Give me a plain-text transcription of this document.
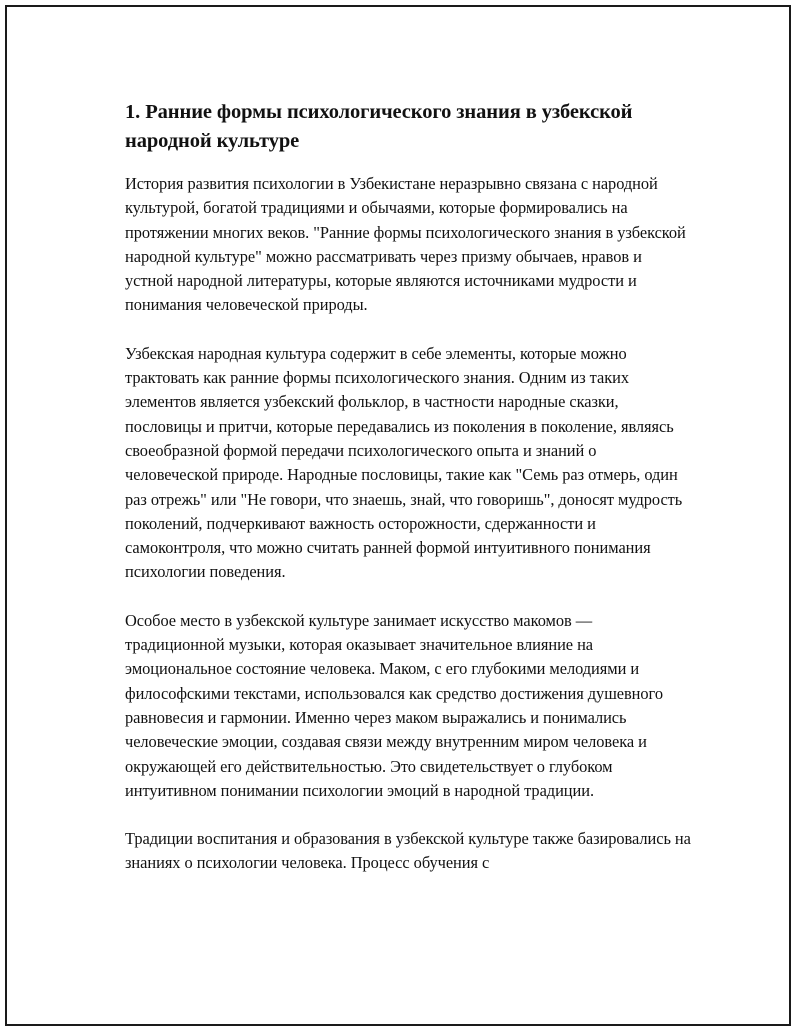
1. Ранние формы психологического знания в узбекской народной культуре

История развития психологии в Узбекистане неразрывно связана с народной культурой, богатой традициями и обычаями, которые формировались на протяжении многих веков. "Ранние формы психологического знания в узбекской народной культуре" можно рассматривать через призму обычаев, нравов и устной народной литературы, которые являются источниками мудрости и понимания человеческой природы.

Узбекская народная культура содержит в себе элементы, которые можно трактовать как ранние формы психологического знания. Одним из таких элементов является узбекский фольклор, в частности народные сказки, пословицы и притчи, которые передавались из поколения в поколение, являясь своеобразной формой передачи психологического опыта и знаний о человеческой природе. Народные пословицы, такие как "Семь раз отмерь, один раз отрежь" или "Не говори, что знаешь, знай, что говоришь", доносят мудрость поколений, подчеркивают важность осторожности, сдержанности и самоконтроля, что можно считать ранней формой интуитивного понимания психологии поведения.

Особое место в узбекской культуре занимает искусство макомов — традиционной музыки, которая оказывает значительное влияние на эмоциональное состояние человека. Маком, с его глубокими мелодиями и философскими текстами, использовался как средство достижения душевного равновесия и гармонии. Именно через маком выражались и понимались человеческие эмоции, создавая связи между внутренним миром человека и окружающей его действительностью. Это свидетельствует о глубоком интуитивном понимании психологии эмоций в народной традиции.

Традиции воспитания и образования в узбекской культуре также базировались на знаниях о психологии человека. Процесс обучения с
